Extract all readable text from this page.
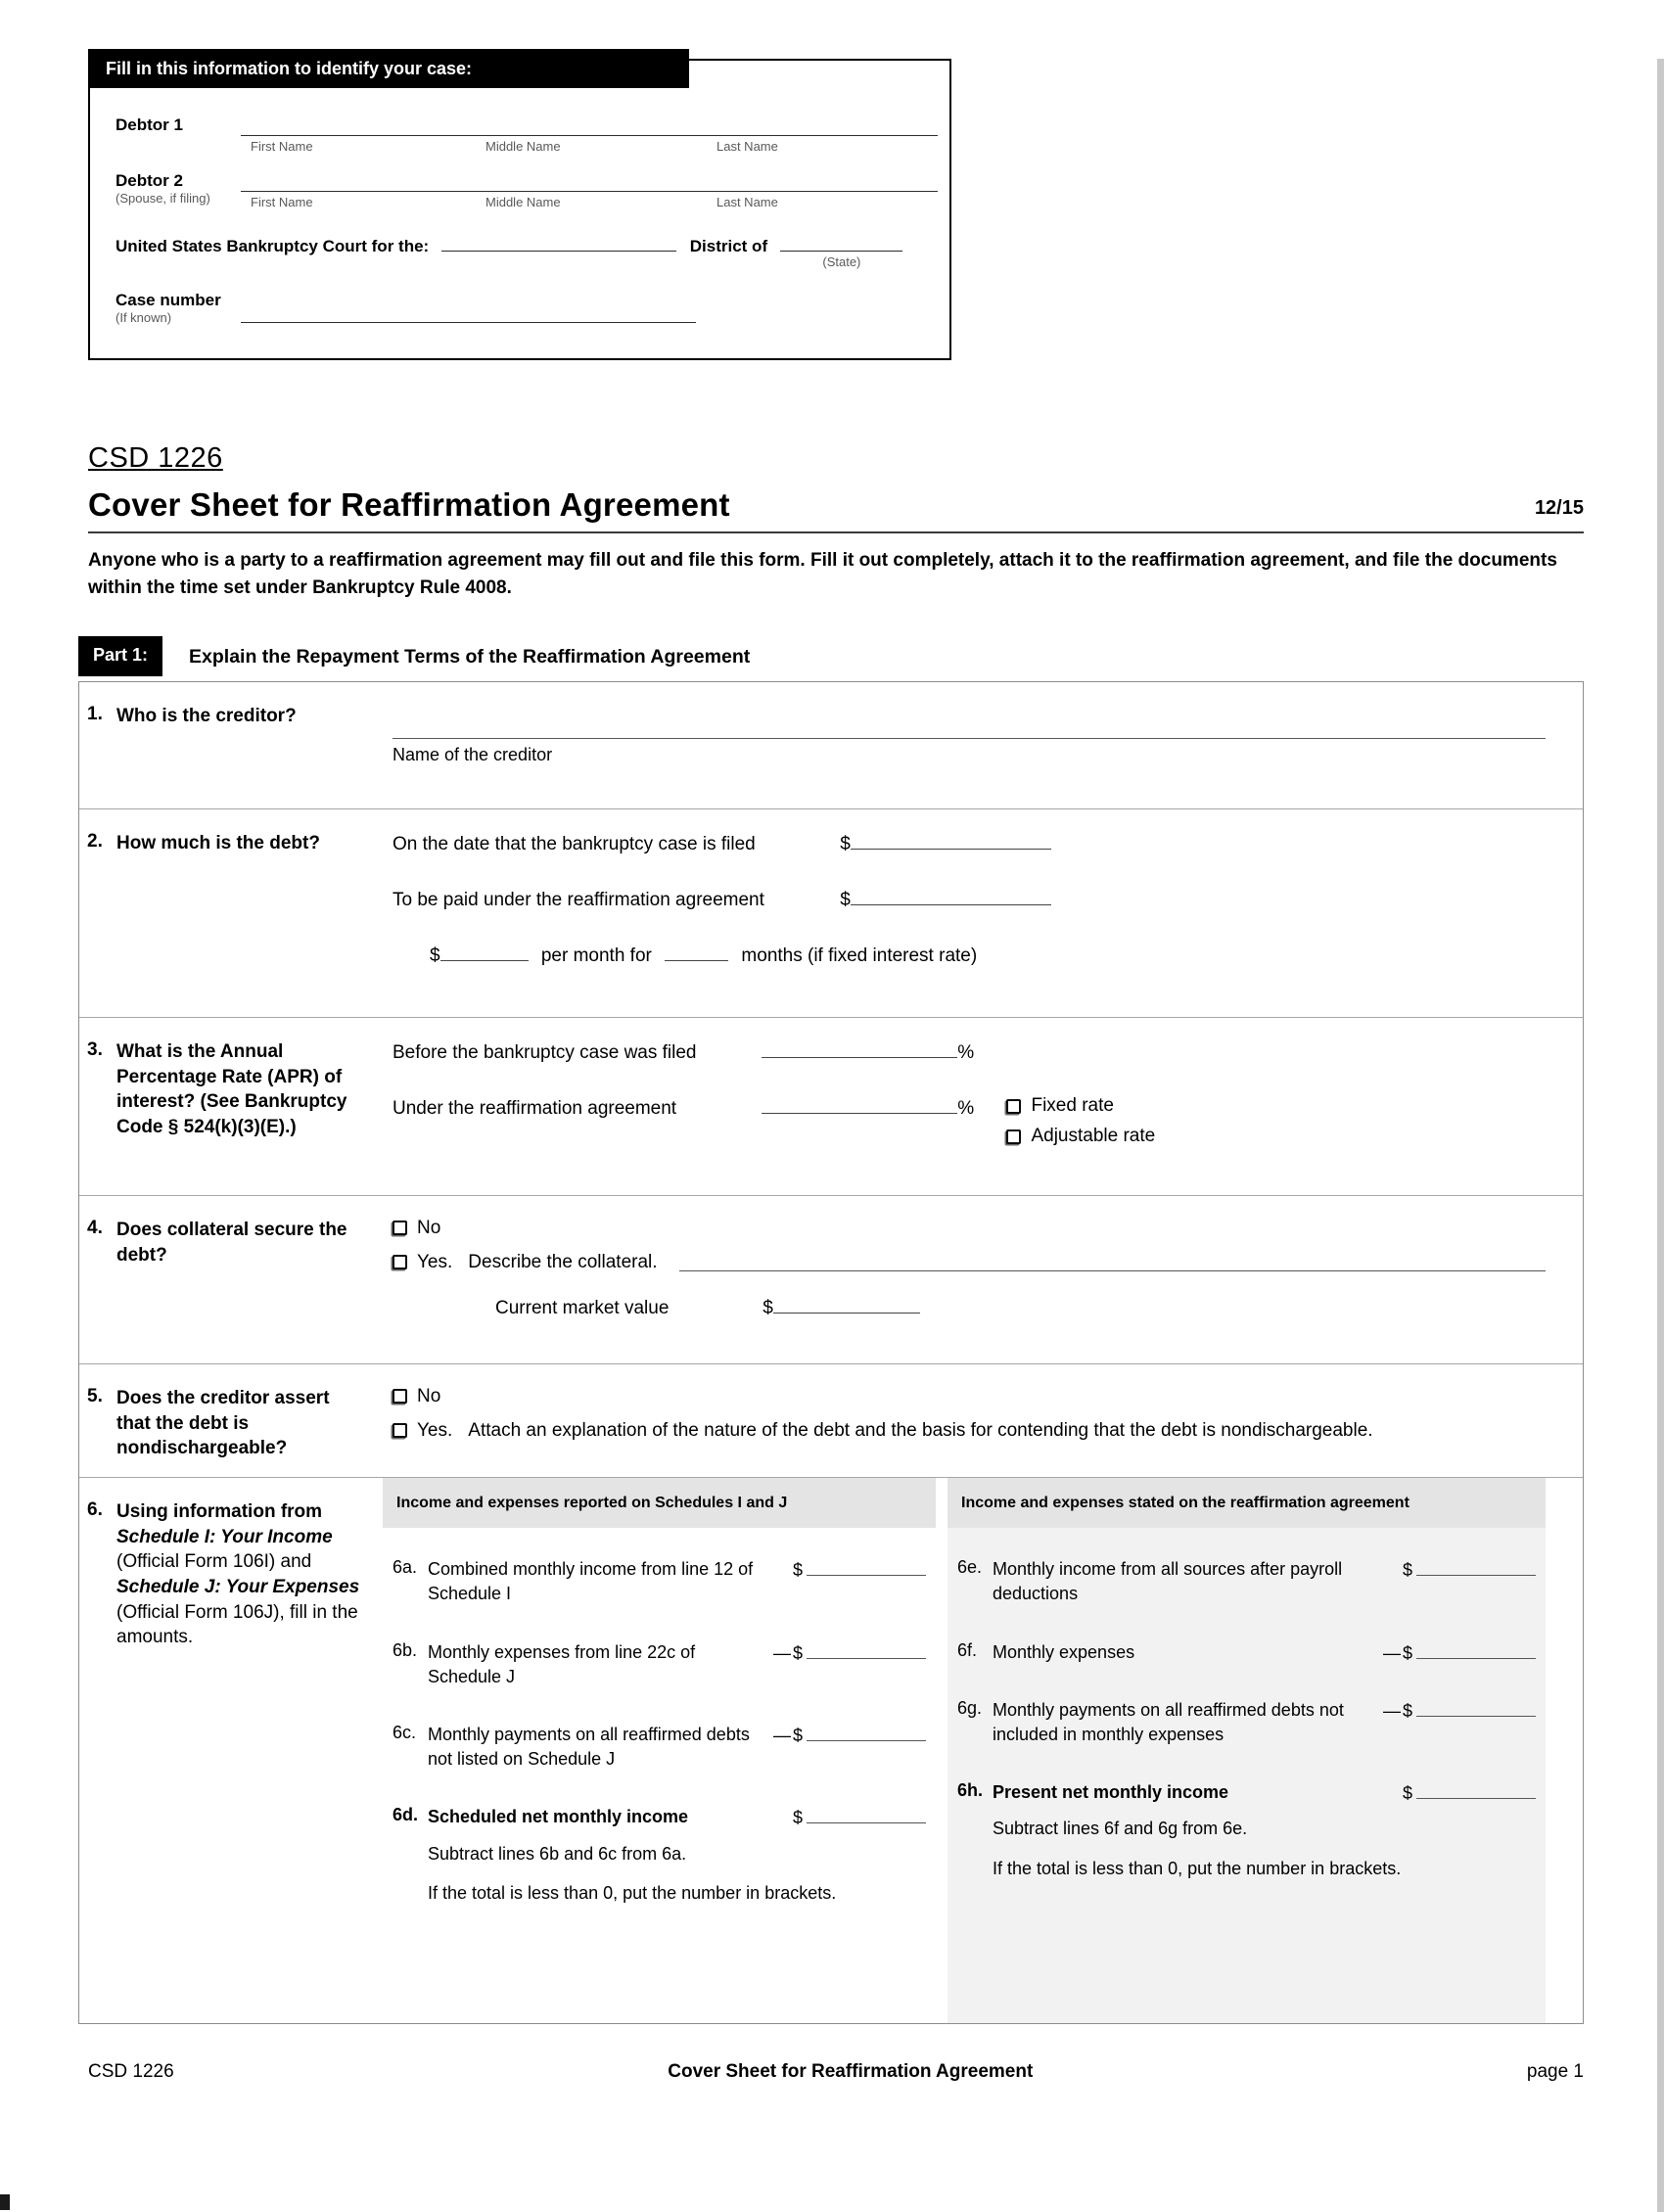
Fill in this information to identify your case:
Debtor 1
First Name	Middle Name	Last Name
Debtor 2
(Spouse, if filing)	First Name	Middle Name	Last Name
United States Bankruptcy Court for the:	District of
(State)
Case number
(If known)
CSD 1226
Cover Sheet for Reaffirmation Agreement	12/15

Anyone who is a party to a reaffirmation agreement may fill out and file this form. Fill it out completely, attach it to the reaffirmation agreement, and file the documents within the time set under Bankruptcy Rule 4008.

Part 1:	Explain the Repayment Terms of the Reaffirmation Agreement
1. Who is the creditor?
Name of the creditor
2. How much is the debt?	On the date that the bankruptcy case is filed	$
To be paid under the reaffirmation agreement	$
$	per month for	months (if fixed interest rate)
3. What is the Annual Percentage Rate (APR) of interest? (See Bankruptcy Code § 524(k)(3)(E).)
Before the bankruptcy case was filed	%
Under the reaffirmation agreement	%	Fixed rate
Adjustable rate
4. Does collateral secure the debt?
No
Yes. Describe the collateral.
Current market value	$
5. Does the creditor assert that the debt is nondischargeable?
No
Yes. Attach an explanation of the nature of the debt and the basis for contending that the debt is nondischargeable.
6. Using information from Schedule I: Your Income (Official Form 106I) and Schedule J: Your Expenses (Official Form 106J), fill in the amounts.
Income and expenses reported on Schedules I and J
6a. Combined monthly income from line 12 of Schedule I
$
6b. Monthly expenses from line 22c of Schedule J
— $
6c. Monthly payments on all reaffirmed debts not listed on Schedule J
— $
6d. Scheduled net monthly income	$
Subtract lines 6b and 6c from 6a.
If the total is less than 0, put the number in brackets.
Income and expenses stated on the reaffirmation agreement
6e. Monthly income from all sources after payroll deductions
$
6f. Monthly expenses	— $
6g. Monthly payments on all reaffirmed debts not included in monthly expenses
— $
6h. Present net monthly income	$
Subtract lines 6f and 6g from 6e.
If the total is less than 0, put the number in brackets.
CSD 1226	Cover Sheet for Reaffirmation Agreement	page 1
